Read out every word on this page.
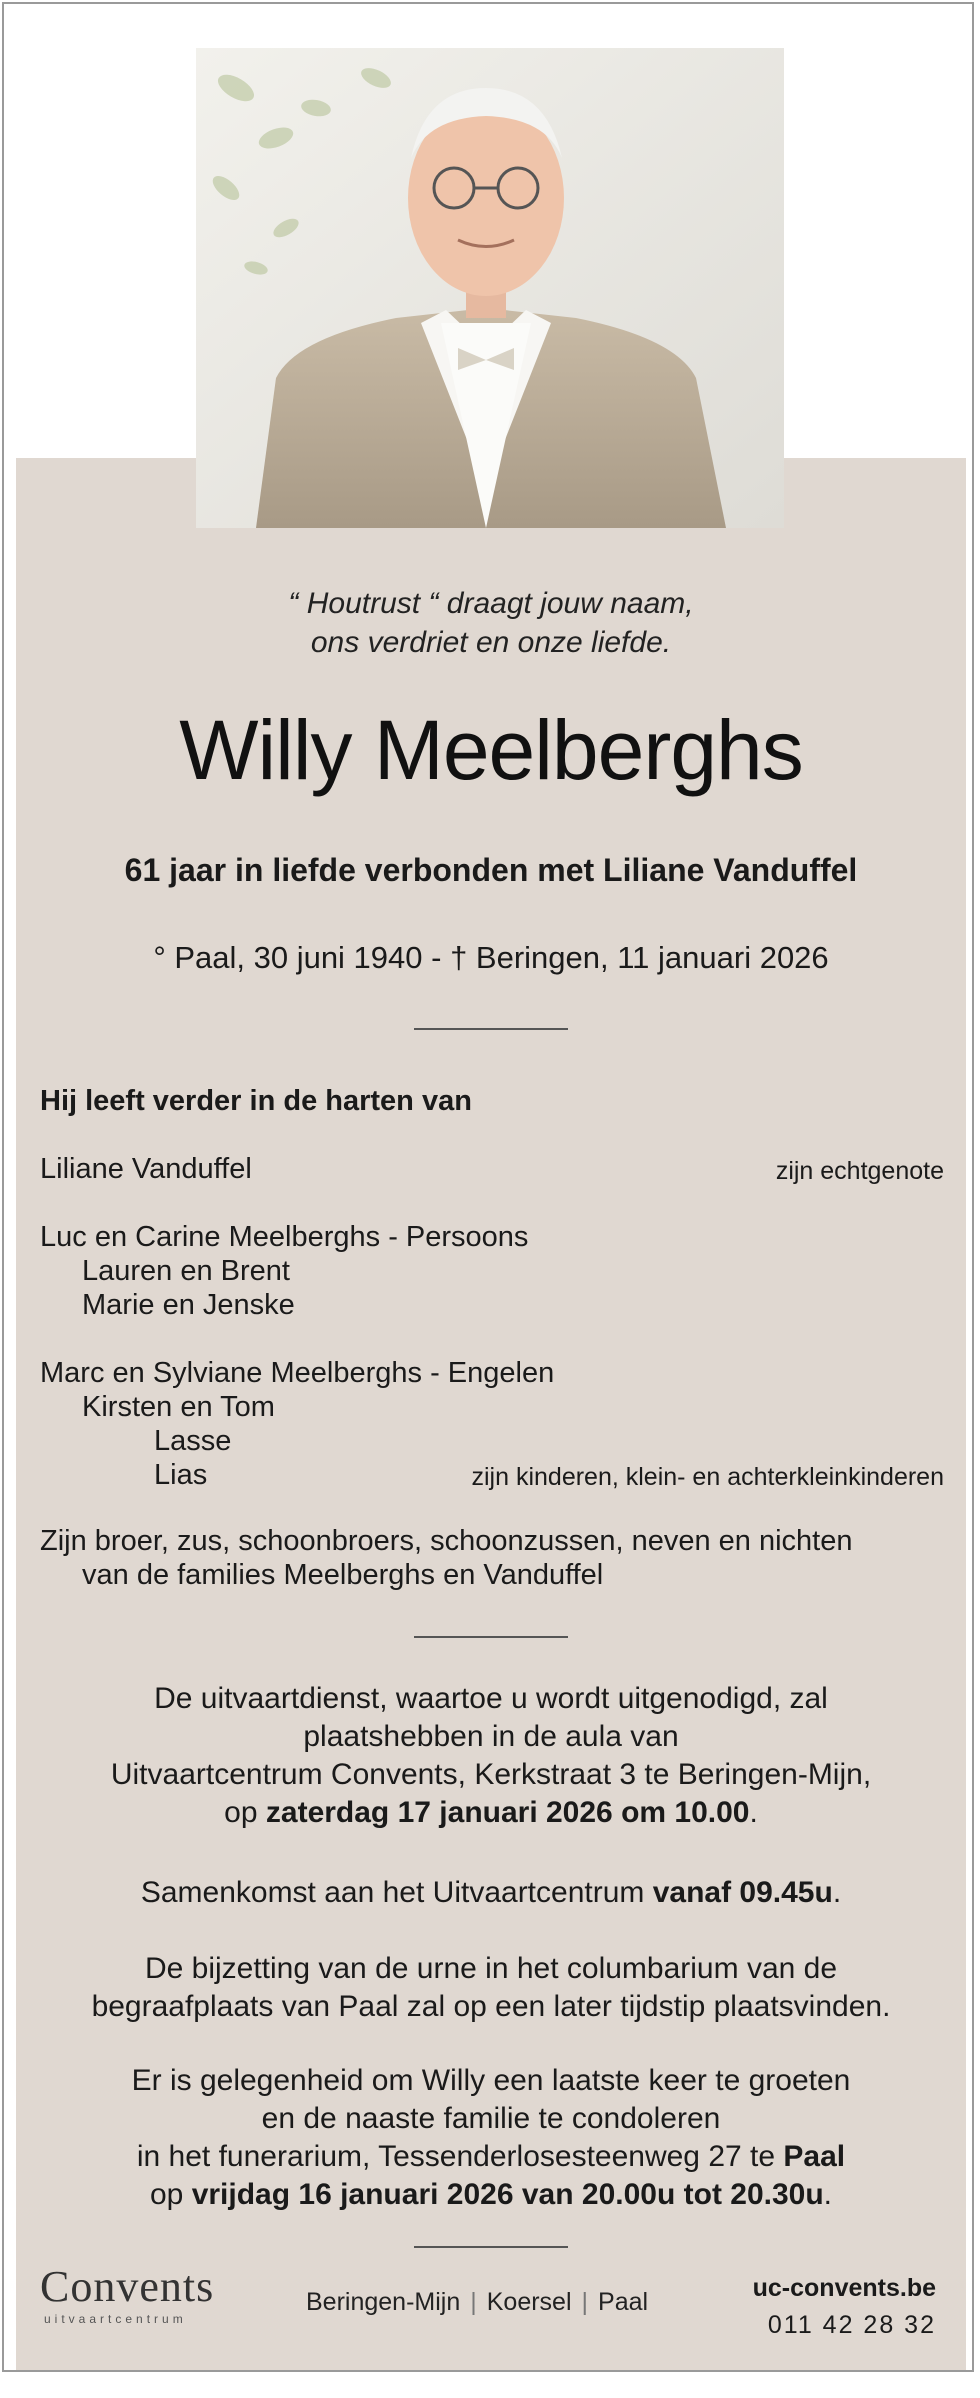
“ Houtrust “ draagt jouw naam,
ons verdriet en onze liefde.
Willy Meelberghs
61 jaar in liefde verbonden met Liliane Vanduffel
° Paal, 30 juni 1940 - † Beringen, 11 januari 2026
Hij leeft verder in de harten van
Liliane Vanduffel	zijn echtgenote
Luc en Carine Meelberghs - Persoons
Lauren en Brent
Marie en Jenske
Marc en Sylviane Meelberghs - Engelen
Kirsten en Tom
Lasse
Lias	zijn kinderen, klein- en achterkleinkinderen
Zijn broer, zus, schoonbroers, schoonzussen, neven en nichten
van de families Meelberghs en Vanduffel
De uitvaartdienst, waartoe u wordt uitgenodigd, zal
plaatshebben in de aula van
Uitvaartcentrum Convents, Kerkstraat 3 te Beringen-Mijn,
op zaterdag 17 januari 2026 om 10.00.
Samenkomst aan het Uitvaartcentrum vanaf 09.45u.
De bijzetting van de urne in het columbarium van de
begraafplaats van Paal zal op een later tijdstip plaatsvinden.
Er is gelegenheid om Willy een laatste keer te groeten
en de naaste familie te condoleren
in het funerarium, Tessenderlosesteenweg 27 te Paal
op vrijdag 16 januari 2026 van 20.00u tot 20.30u.
Convents
uitvaartcentrum
Beringen-Mijn | Koersel | Paal	uc-convents.be
011 42 28 32
